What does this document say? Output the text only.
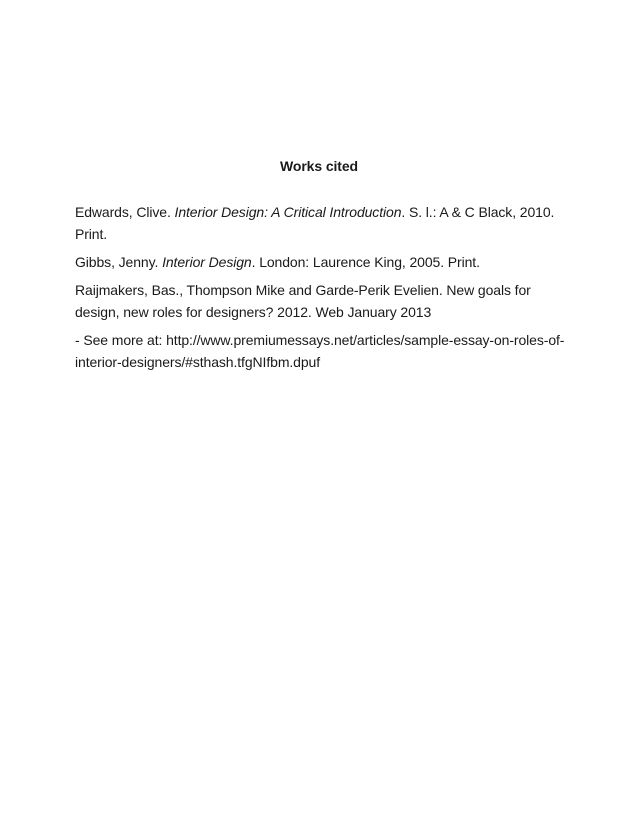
Works cited

Edwards, Clive. Interior Design: A Critical Introduction. S. l.: A & C Black, 2010. Print.

Gibbs, Jenny. Interior Design. London: Laurence King, 2005. Print.

Raijmakers, Bas., Thompson Mike and Garde-Perik Evelien. New goals for design, new roles for designers? 2012. Web January 2013

- See more at: http://www.premiumessays.net/articles/sample-essay-on-roles-of-interior-designers/#sthash.tfgNIfbm.dpuf
